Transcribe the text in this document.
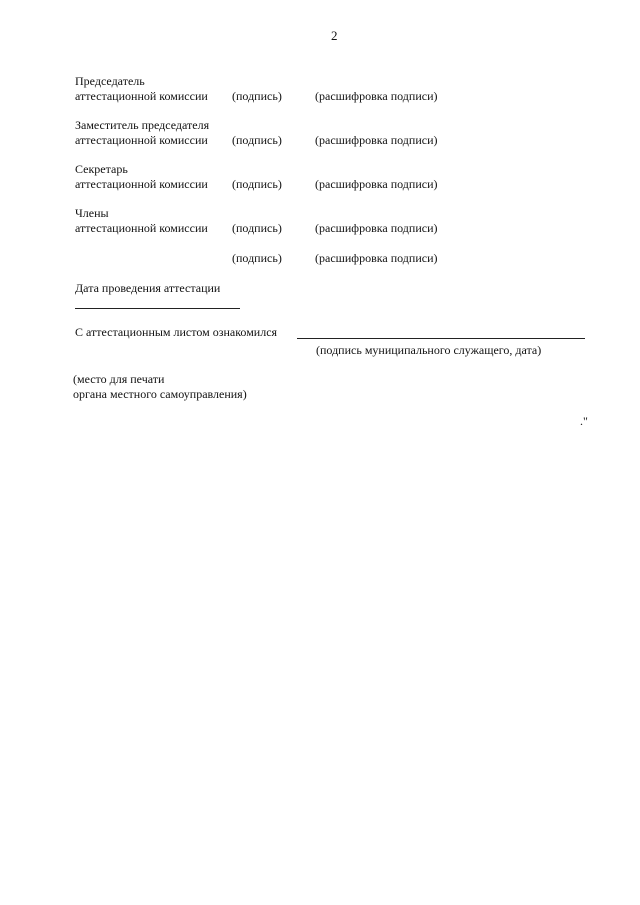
2
Председатель
аттестационной комиссии (подпись)	(расшифровка подписи)
Заместитель председателя
аттестационной комиссии (подпись)	(расшифровка подписи)
Секретарь
аттестационной комиссии (подпись)	(расшифровка подписи)
Члены
аттестационной комиссии (подпись)	(расшифровка подписи)
(подпись)	(расшифровка подписи)
Дата проведения аттестации
С аттестационным листом ознакомился
(подпись муниципального служащего, дата)
(место для печати
органа местного самоуправления)
."
